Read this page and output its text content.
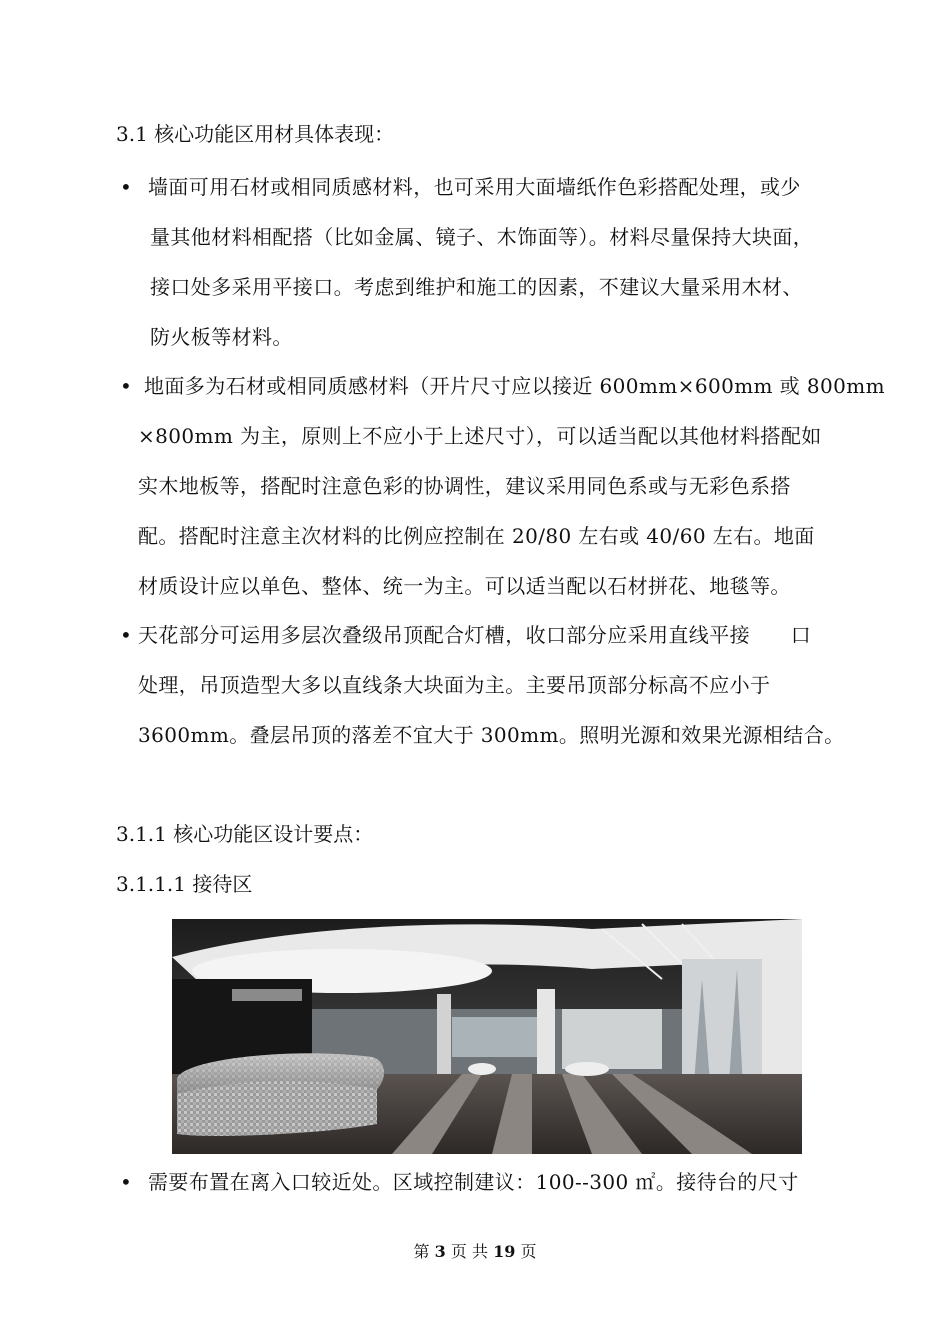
3.1 核心功能区用材具体表现：
• 墙面可用石材或相同质感材料，也可采用大面墙纸作色彩搭配处理，或少
量其他材料相配搭（比如金属、镜子、木饰面等）。材料尽量保持大块面，
接口处多采用平接口。考虑到维护和施工的因素，不建议大量采用木材、
防火板等材料。
• 地面多为石材或相同质感材料（开片尺寸应以接近 600mm×600mm 或 800mm
×800mm 为主，原则上不应小于上述尺寸），可以适当配以其他材料搭配如
实木地板等，搭配时注意色彩的协调性，建议采用同色系或与无彩色系搭
配。搭配时注意主次材料的比例应控制在 20/80 左右或 40/60 左右。地面
材质设计应以单色、整体、统一为主。可以适当配以石材拼花、地毯等。
• 天花部分可运用多层次叠级吊顶配合灯槽，收口部分应采用直线平接　　口
处理，吊顶造型大多以直线条大块面为主。主要吊顶部分标高不应小于
3600mm。叠层吊顶的落差不宜大于 300mm。照明光源和效果光源相结合。
3.1.1 核心功能区设计要点：
3.1.1.1 接待区
• 需要布置在离入口较近处。区域控制建议：100--300 ㎡。接待台的尺寸
第 3 页 共 19 页
